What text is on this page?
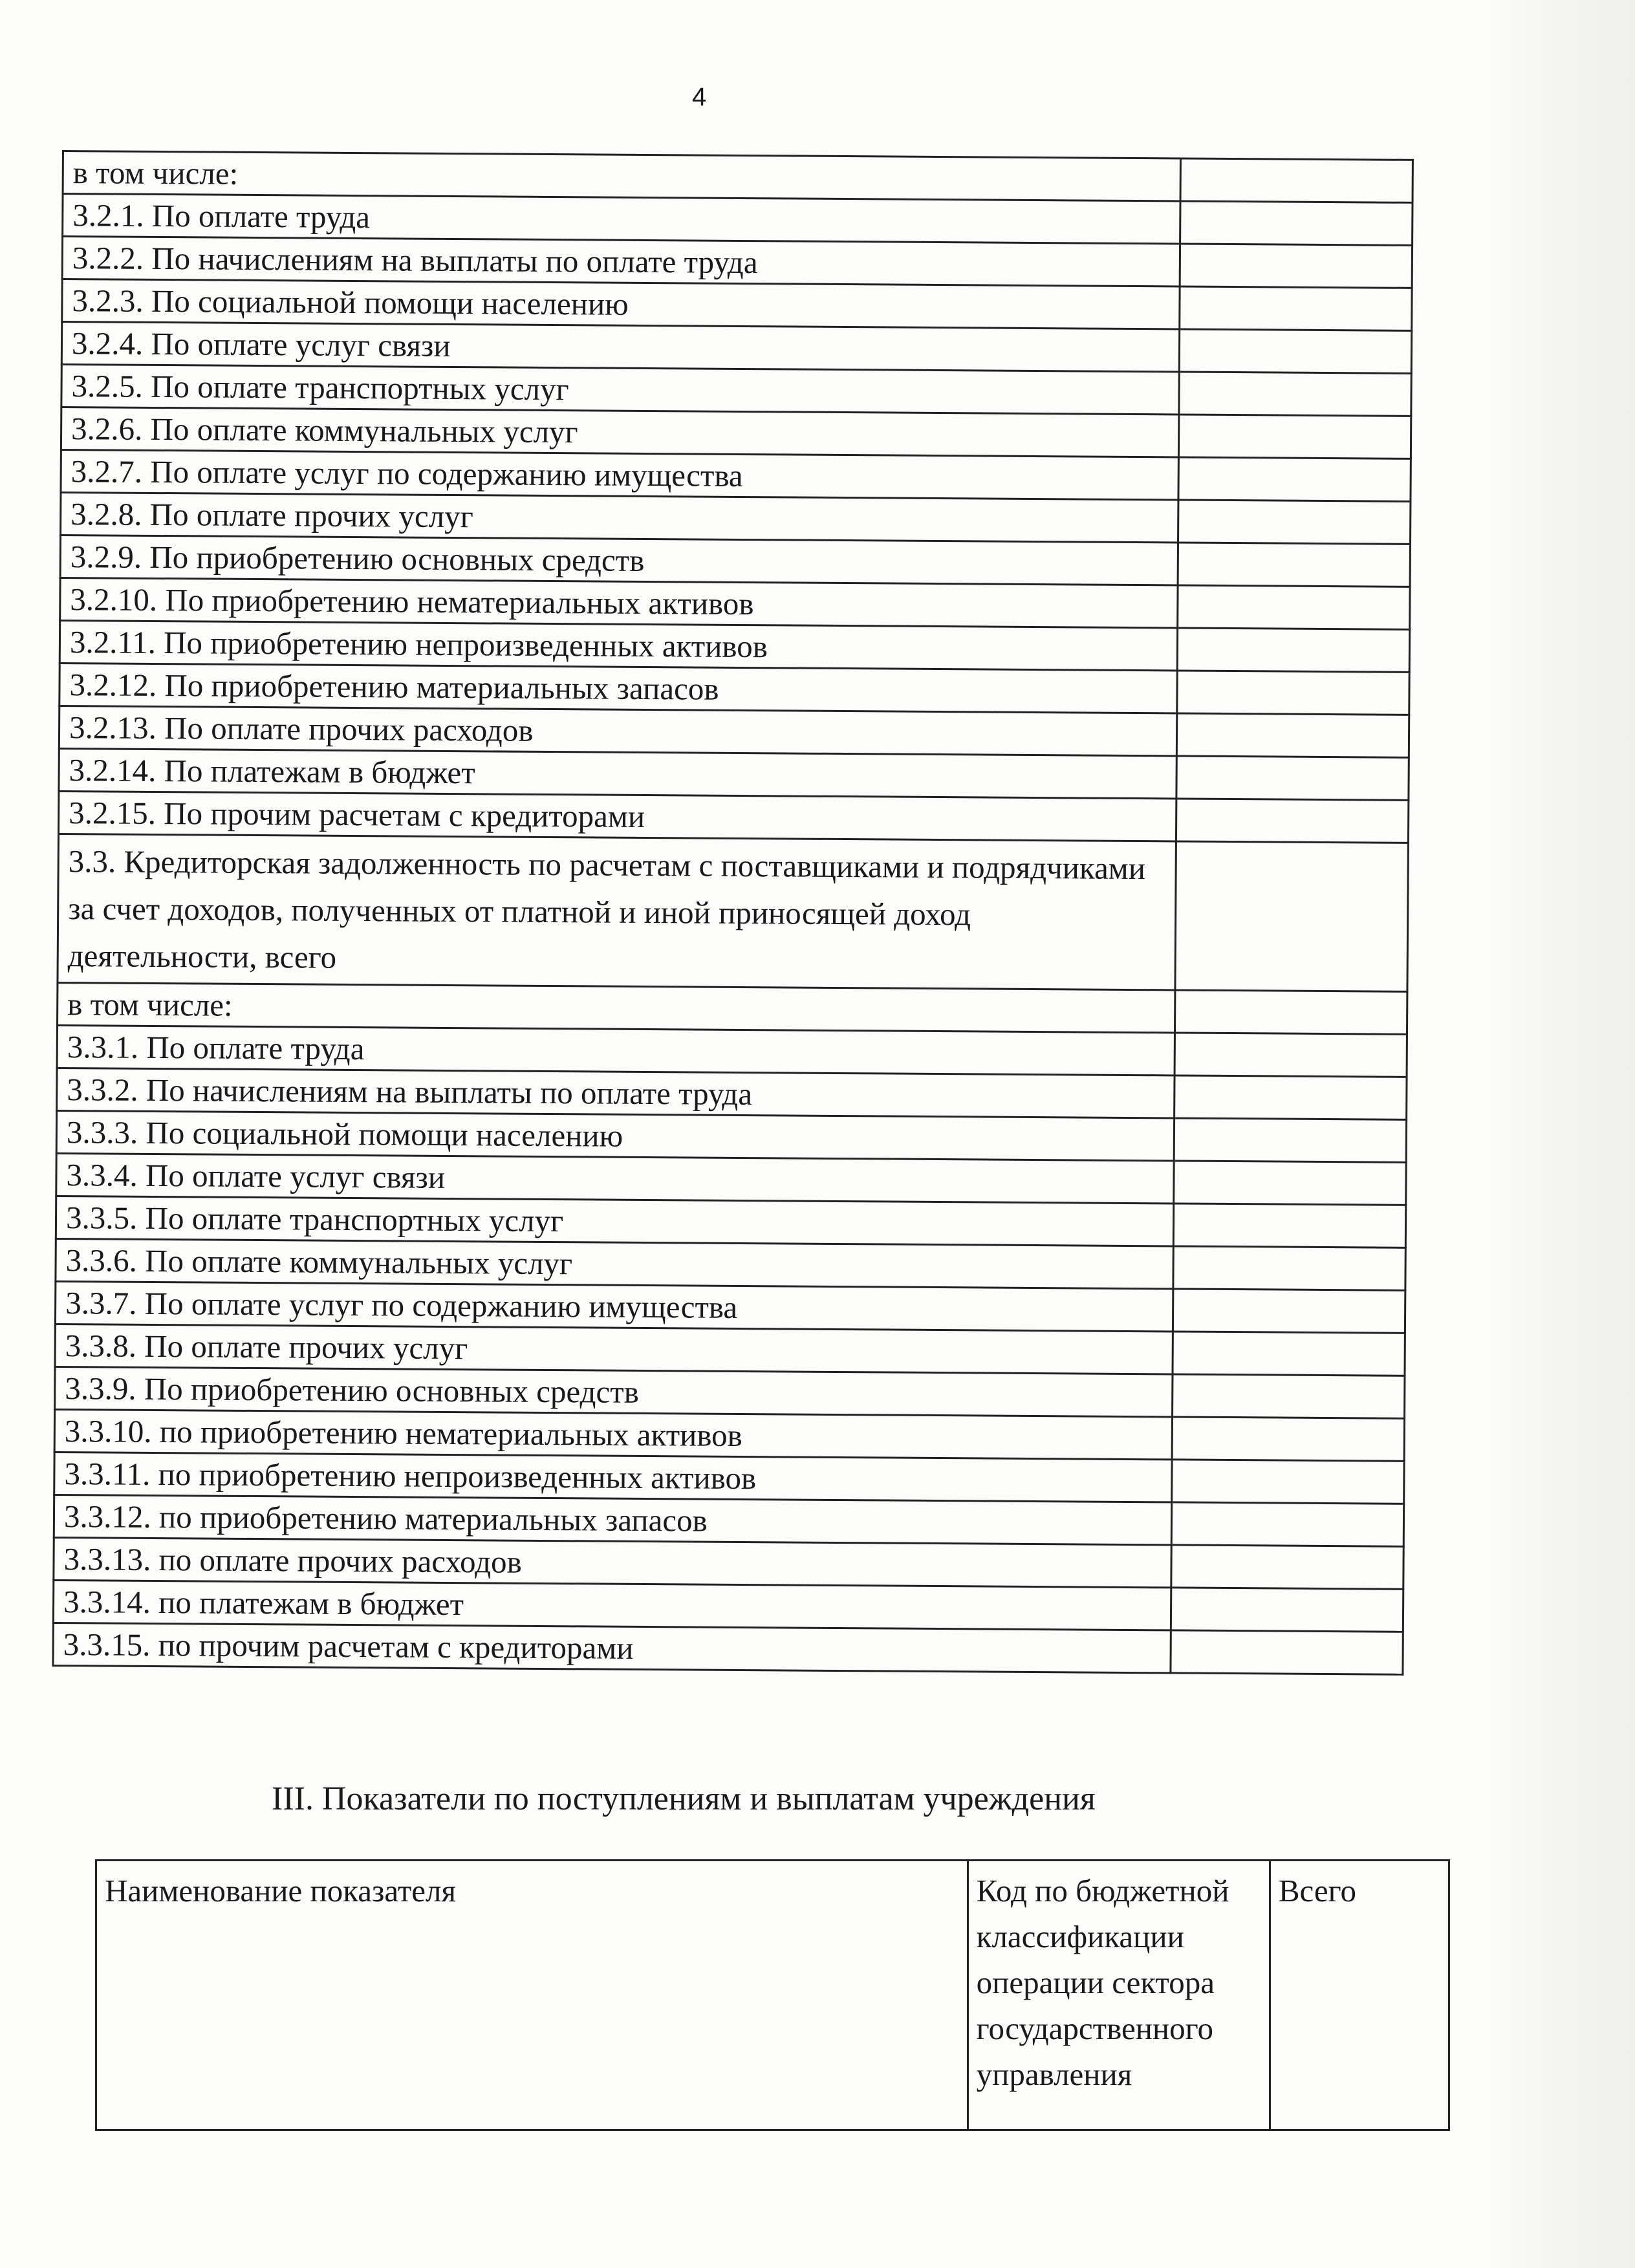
4
в том числе:	
3.2.1. По оплате труда	
3.2.2. По начислениям на выплаты по оплате труда	
3.2.3. По социальной помощи населению	
3.2.4. По оплате услуг связи	
3.2.5. По оплате транспортных услуг	
3.2.6. По оплате коммунальных услуг	
3.2.7. По оплате услуг по содержанию имущества	
3.2.8. По оплате прочих услуг	
3.2.9. По приобретению основных средств	
3.2.10. По приобретению нематериальных активов	
3.2.11. По приобретению непроизведенных активов	
3.2.12. По приобретению материальных запасов	
3.2.13. По оплате прочих расходов	
3.2.14. По платежам в бюджет	
3.2.15. По прочим расчетам с кредиторами	
3.3. Кредиторская задолженность по расчетам с поставщиками и подрядчиками за счет доходов, полученных от платной и иной приносящей доход деятельности, всего	
в том числе:	
3.3.1. По оплате труда	
3.3.2. По начислениям на выплаты по оплате труда	
3.3.3. По социальной помощи населению	
3.3.4. По оплате услуг связи	
3.3.5. По оплате транспортных услуг	
3.3.6. По оплате коммунальных услуг	
3.3.7. По оплате услуг по содержанию имущества	
3.3.8. По оплате прочих услуг	
3.3.9. По приобретению основных средств	
3.3.10. по приобретению нематериальных активов	
3.3.11. по приобретению непроизведенных активов	
3.3.12. по приобретению материальных запасов	
3.3.13. по оплате прочих расходов	
3.3.14. по платежам в бюджет	
3.3.15. по прочим расчетам с кредиторами	
III. Показатели по поступлениям и выплатам учреждения
Наименование показателя	Код по бюджетной классификации операции сектора государственного управления	Всего
